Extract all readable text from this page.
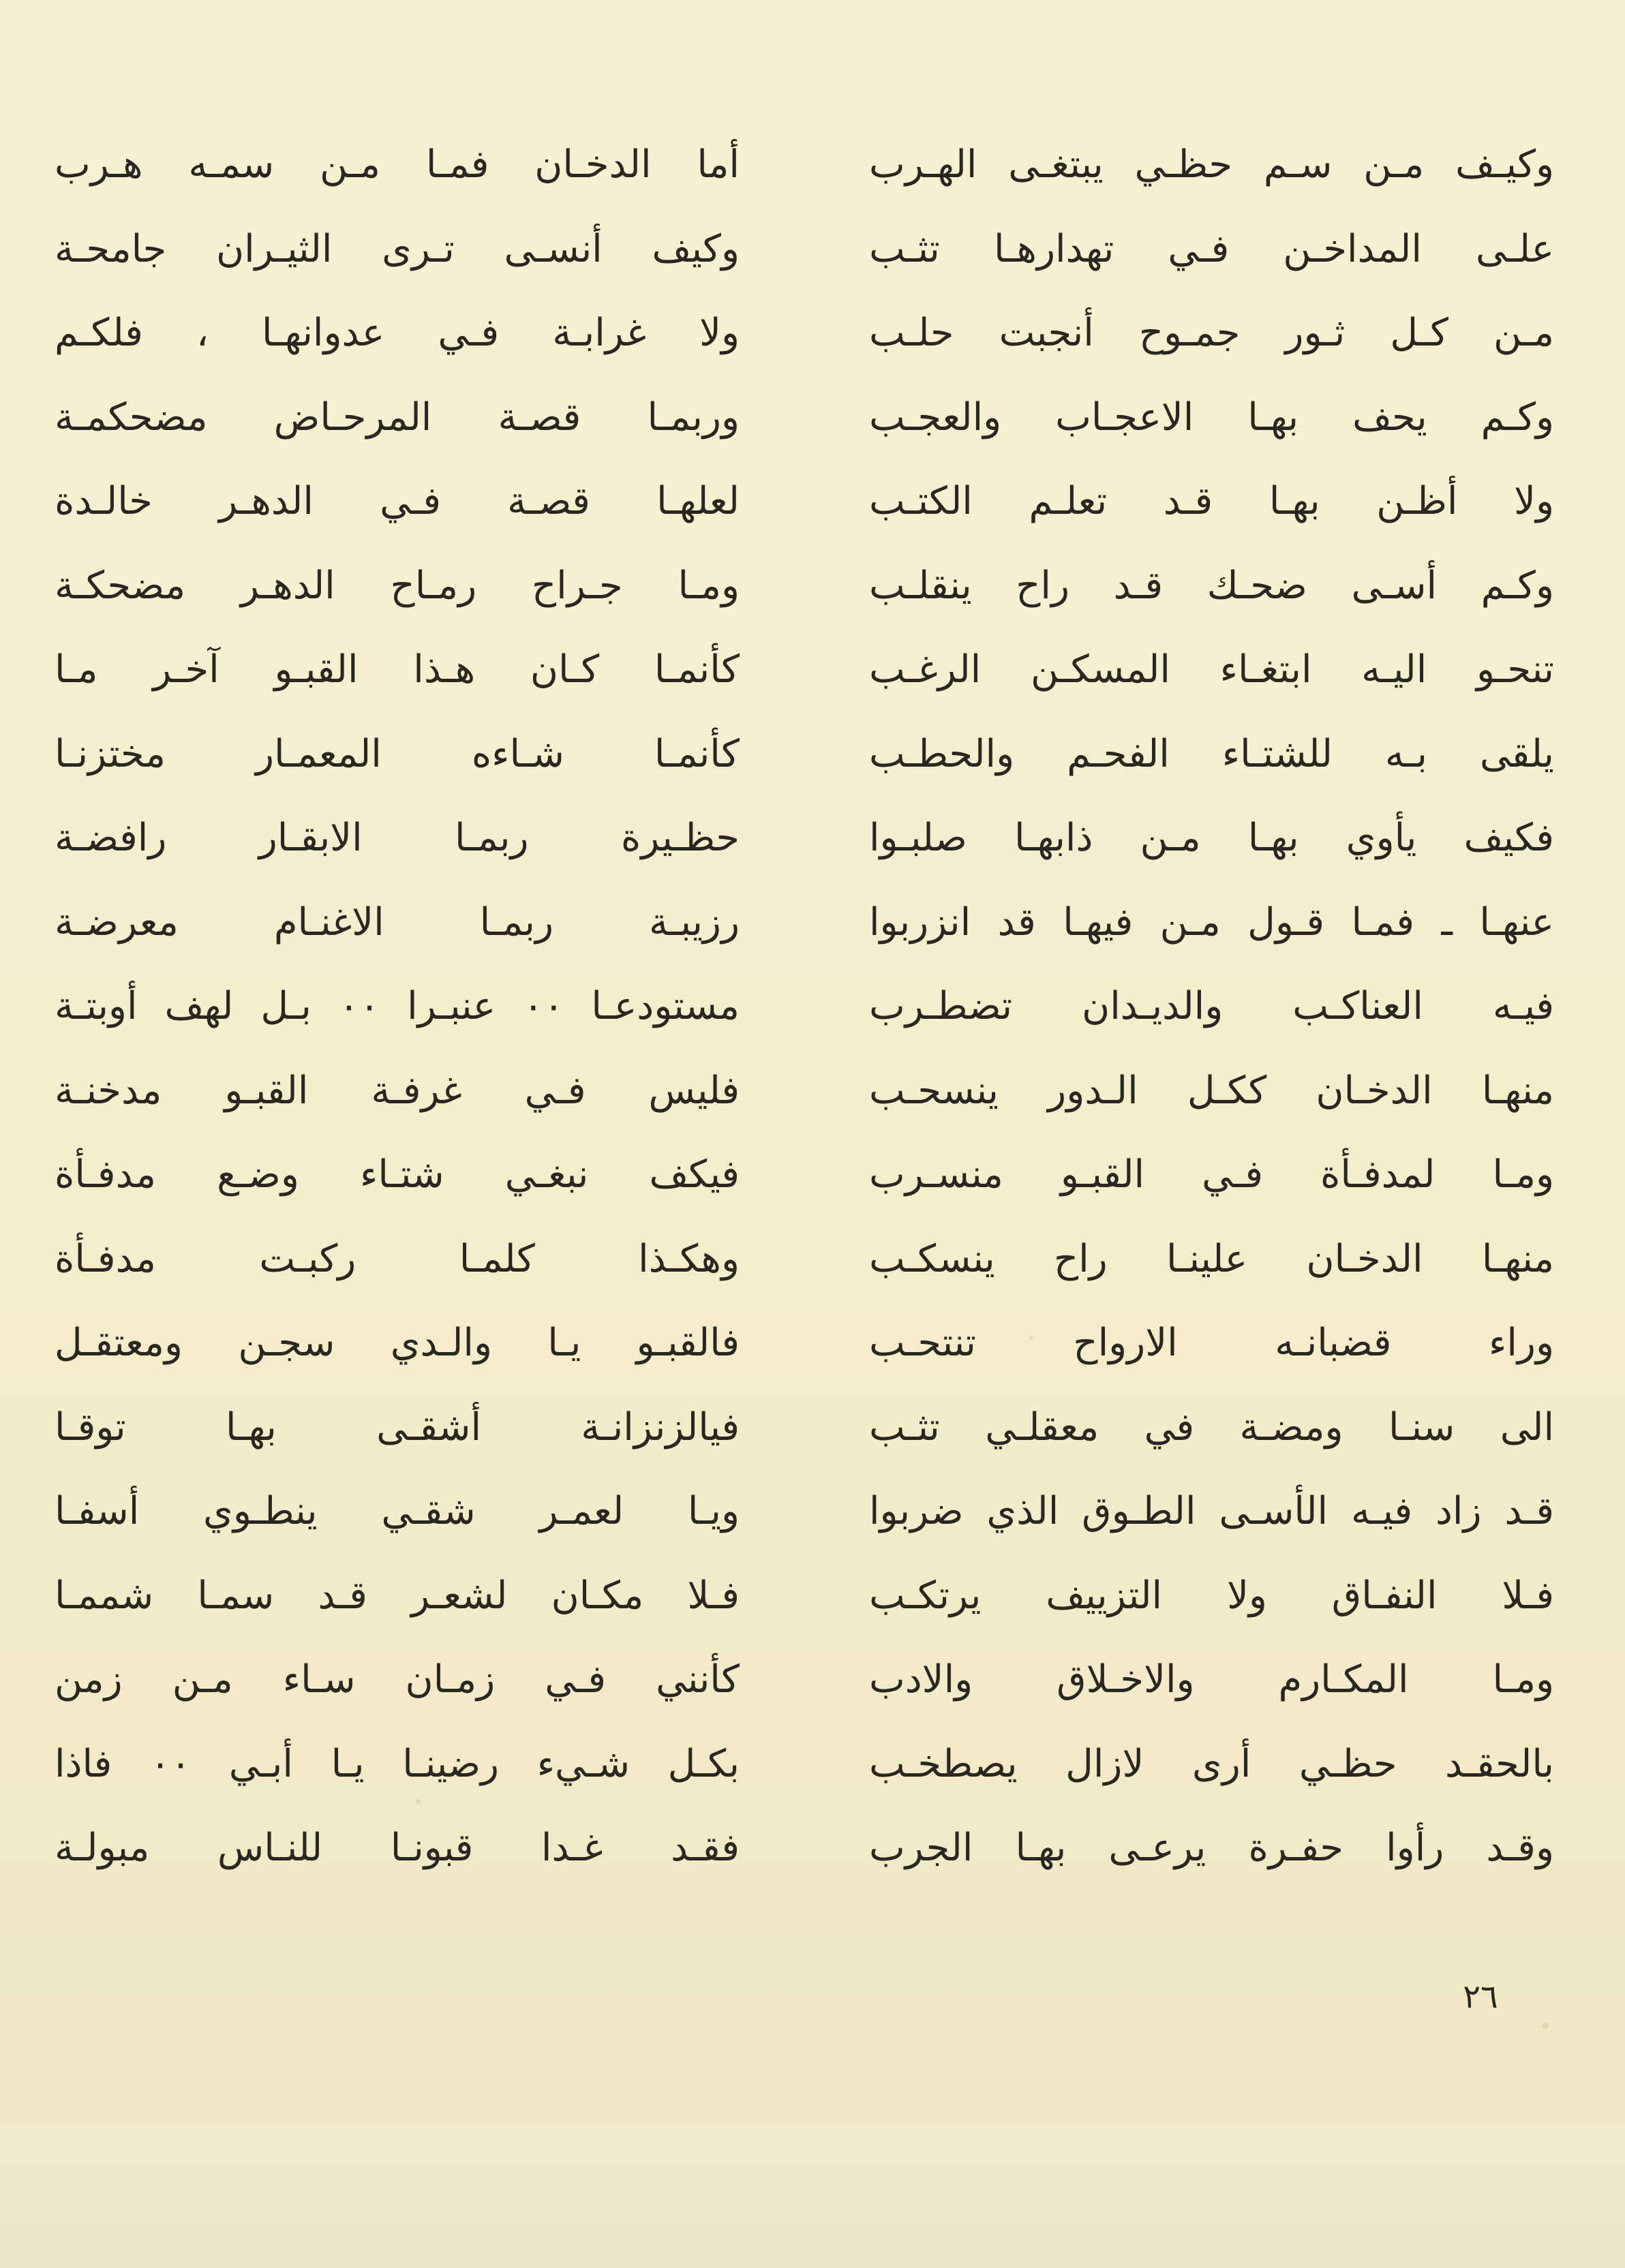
أما الدخـان فمـا مـن سمـه هـرب
وكيف أنسـى تـرى الثيـران جامحـة
ولا غرابـة فـي عدوانهـا ، فلكـم
وربمـا قصـة المرحـاض مضحكمـة
لعلهـا قصـة فـي الدهـر خالـدة
ومـا جـراح رمـاح الدهـر مضحكـة
كأنمـا كـان هـذا القبـو آخـر مـا
كأنمـا شـاءه المعمـار مختزنـا
حظـيرة ربمـا الابقـار رافضـة
رزيبـة ربمـا الاغنـام معرضـة
مستودعـا ٠٠ عنبـرا ٠٠ بـل لهف أوبتـة
فليس فـي غرفـة القبـو مدخنـة
فيكف نبغـي شتـاء وضـع مدفـأة
وهكـذا كلمـا ركبـت مدفـأة
فالقبـو يـا والـدي سجـن ومعتقـل
فيالزنزانـة أشقـى بهـا توقـا
ويـا لعمـر شقـي ينطـوي أسفـا
فـلا مكـان لشعـر قـد سمـا شممـا
كأنني فـي زمـان سـاء مـن زمن
بكـل شـيء رضينـا يـا أبـي ٠٠ فاذا
فقـد غـدا قبونـا للنـاس مبولـة
وكيـف مـن سـم حظـي يبتغـى الهـرب
علـى المداخـن فـي تهدارهـا تثـب
مـن كـل ثـور جمـوح أنجبت حلـب
وكـم يحف بهـا الاعجـاب والعجـب
ولا أظـن بهـا قـد تعلـم الكتـب
وكـم أسـى ضحـك قـد راح ينقلـب
تنحـو اليـه ابتغـاء المسكـن الرغـب
يلقى بـه للشتـاء الفحـم والحطـب
فكيف يأوي بهـا مـن ذابهـا صلبـوا
عنهـا ـ فمـا قـول مـن فيهـا قد انزربوا
فيـه العناكـب والديـدان تضطـرب
منهـا الدخـان ككـل الـدور ينسحـب
ومـا لمدفـأة فـي القبـو منسـرب
منهـا الدخـان علينـا راح ينسكـب
وراء قضبانـه الارواح تنتحـب
الى سنـا ومضـة في معقلـي تثـب
قـد زاد فيـه الأسـى الطـوق الذي ضربوا
فـلا النفـاق ولا التزييف يرتكـب
ومـا المكـارم والاخـلاق والادب
بالحقـد حظـي أرى لازال يصطخـب
وقـد رأوا حفـرة يرعـى بهـا الجرب
٢٦
